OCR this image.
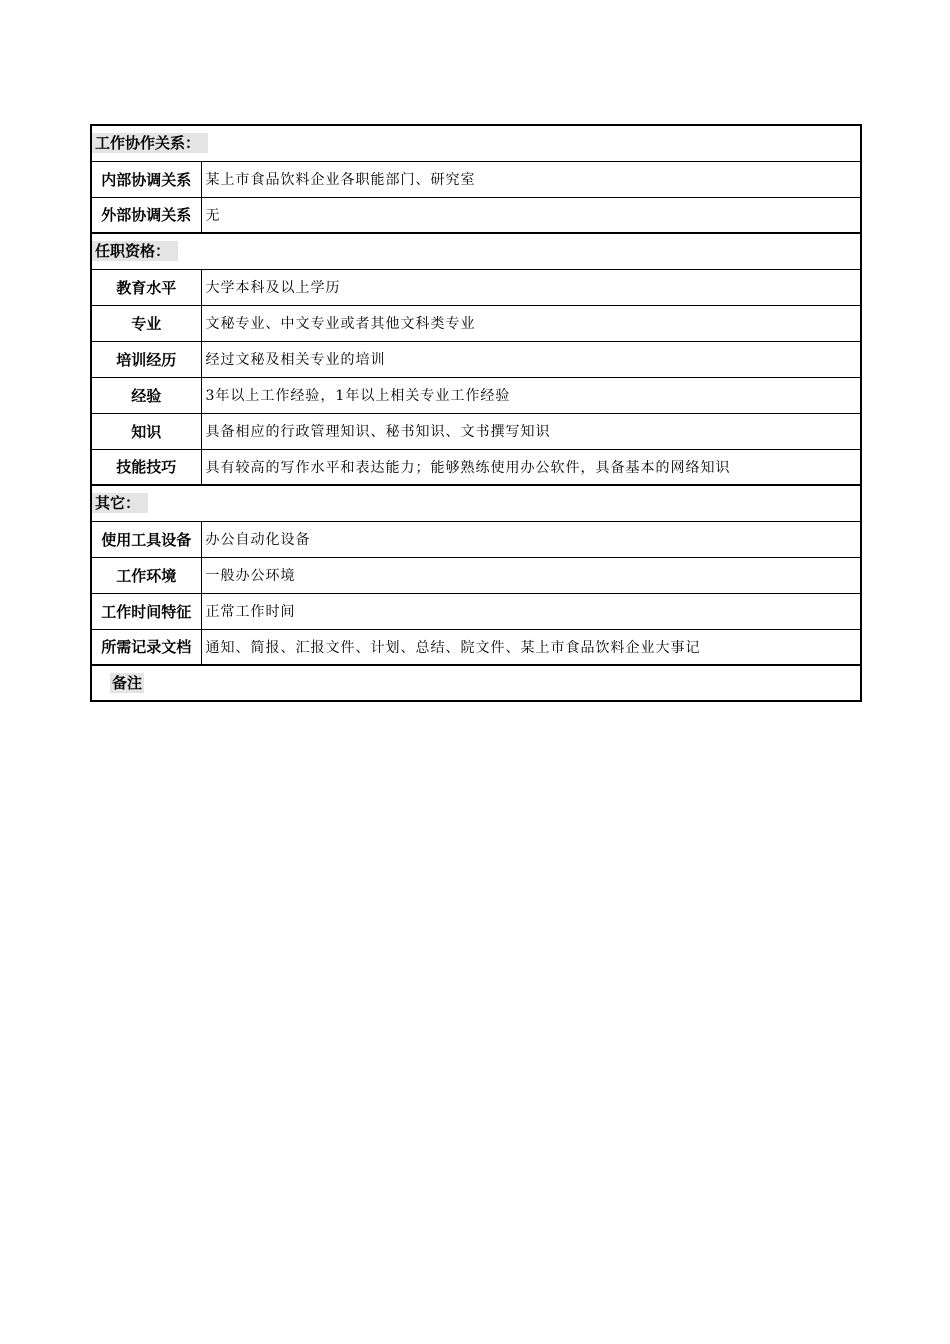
工作协作关系：	
内部协调关系	某上市食品饮料企业各职能部门、研究室
外部协调关系	无
任职资格：	
教育水平	大学本科及以上学历
专业	文秘专业、中文专业或者其他文科类专业
培训经历	经过文秘及相关专业的培训
经验	3年以上工作经验，1年以上相关专业工作经验
知识	具备相应的行政管理知识、秘书知识、文书撰写知识
技能技巧	具有较高的写作水平和表达能力；能够熟练使用办公软件，具备基本的网络知识
其它：	
使用工具设备	办公自动化设备
工作环境	一般办公环境
工作时间特征	正常工作时间
所需记录文档	通知、简报、汇报文件、计划、总结、院文件、某上市食品饮料企业大事记
备注	
